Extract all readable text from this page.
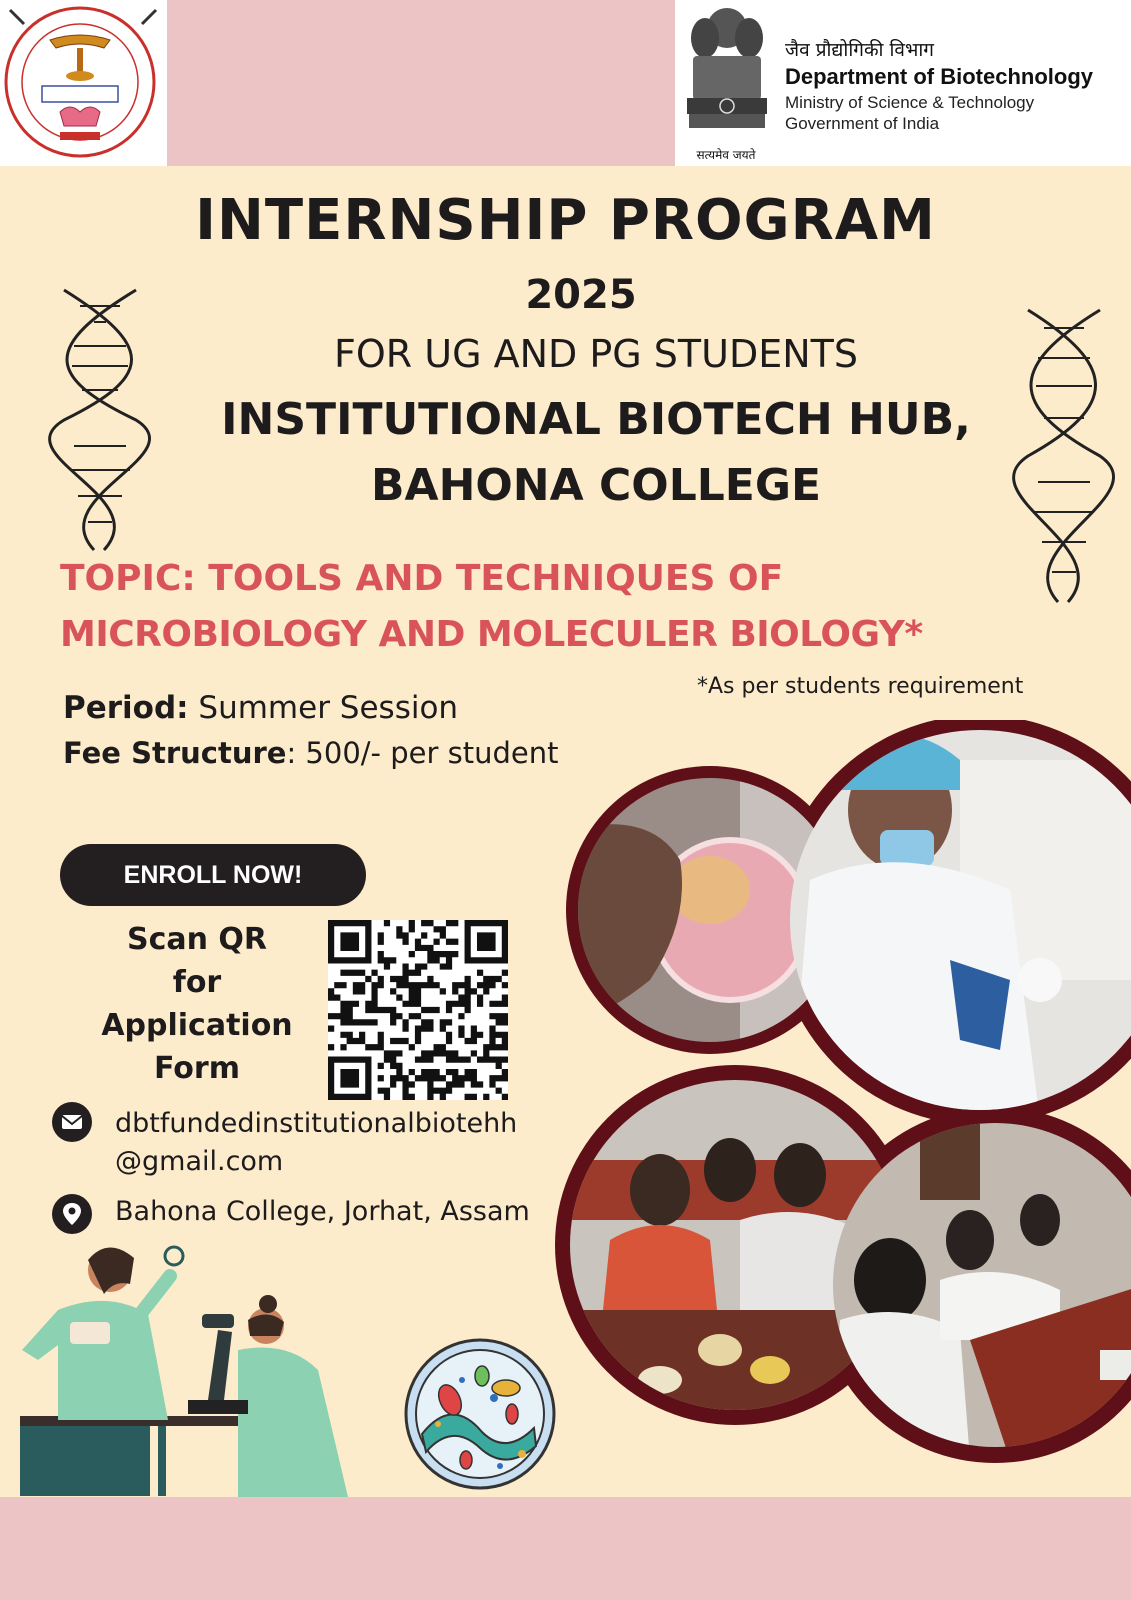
सत्यमेव जयते
जैव प्रौद्योगिकी विभाग
Department of Biotechnology
Ministry of Science & Technology
Government of India
INTERNSHIP PROGRAM
2025
FOR UG AND PG STUDENTS
INSTITUTIONAL BIOTECH HUB,
BAHONA COLLEGE
TOPIC: TOOLS AND TECHNIQUES OF
MICROBIOLOGY AND MOLECULER BIOLOGY*
*As per students requirement
Period: Summer Session
Fee Structure: 500/- per student
ENROLL NOW!
Scan QR
for
Application
Form
dbtfundedinstitutionalbiotehh
@gmail.com
Bahona College, Jorhat, Assam
